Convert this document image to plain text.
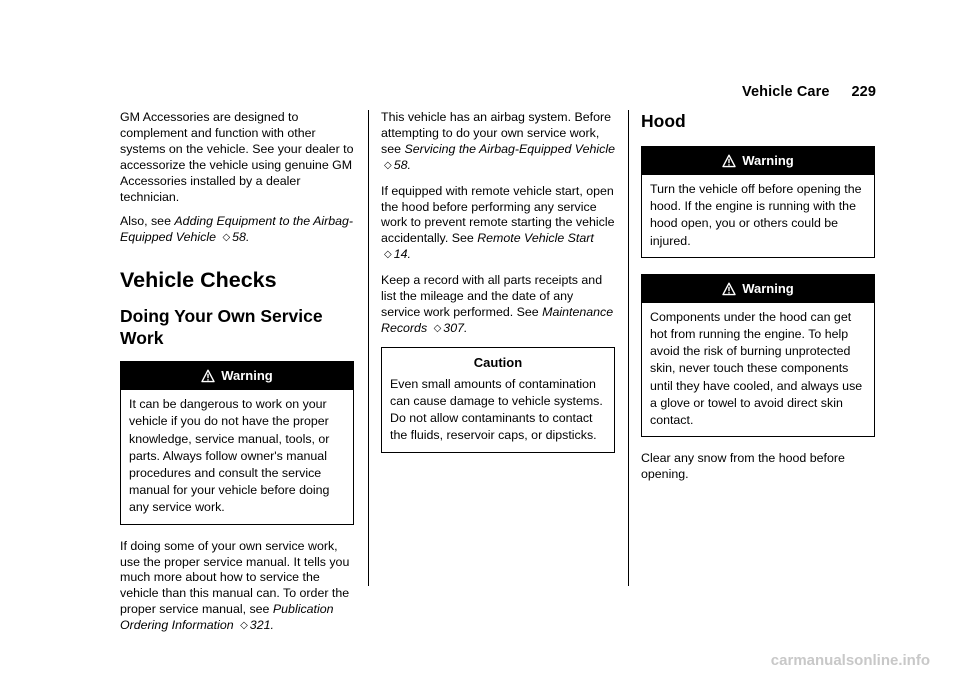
Vehicle Care 229

GM Accessories are designed to complement and function with other systems on the vehicle. See your dealer to accessorize the vehicle using genuine GM Accessories installed by a dealer technician.

Also, see Adding Equipment to the Airbag-Equipped Vehicle ◇ 58.

Vehicle Checks
Doing Your Own Service Work
Warning
It can be dangerous to work on your vehicle if you do not have the proper knowledge, service manual, tools, or parts. Always follow owner's manual procedures and consult the service manual for your vehicle before doing any service work.

If doing some of your own service work, use the proper service manual. It tells you much more about how to service the vehicle than this manual can. To order the proper service manual, see Publication Ordering Information ◇ 321.

This vehicle has an airbag system. Before attempting to do your own service work, see Servicing the Airbag-Equipped Vehicle ◇ 58.

If equipped with remote vehicle start, open the hood before performing any service work to prevent remote starting the vehicle accidentally. See Remote Vehicle Start ◇ 14.

Keep a record with all parts receipts and list the mileage and the date of any service work performed. See Maintenance Records ◇ 307.

Caution
Even small amounts of contamination can cause damage to vehicle systems. Do not allow contaminants to contact the fluids, reservoir caps, or dipsticks.
Hood
Warning
Turn the vehicle off before opening the hood. If the engine is running with the hood open, you or others could be injured.
Warning
Components under the hood can get hot from running the engine. To help avoid the risk of burning unprotected skin, never touch these components until they have cooled, and always use a glove or towel to avoid direct skin contact.

Clear any snow from the hood before opening.

carmanualsonline.info
